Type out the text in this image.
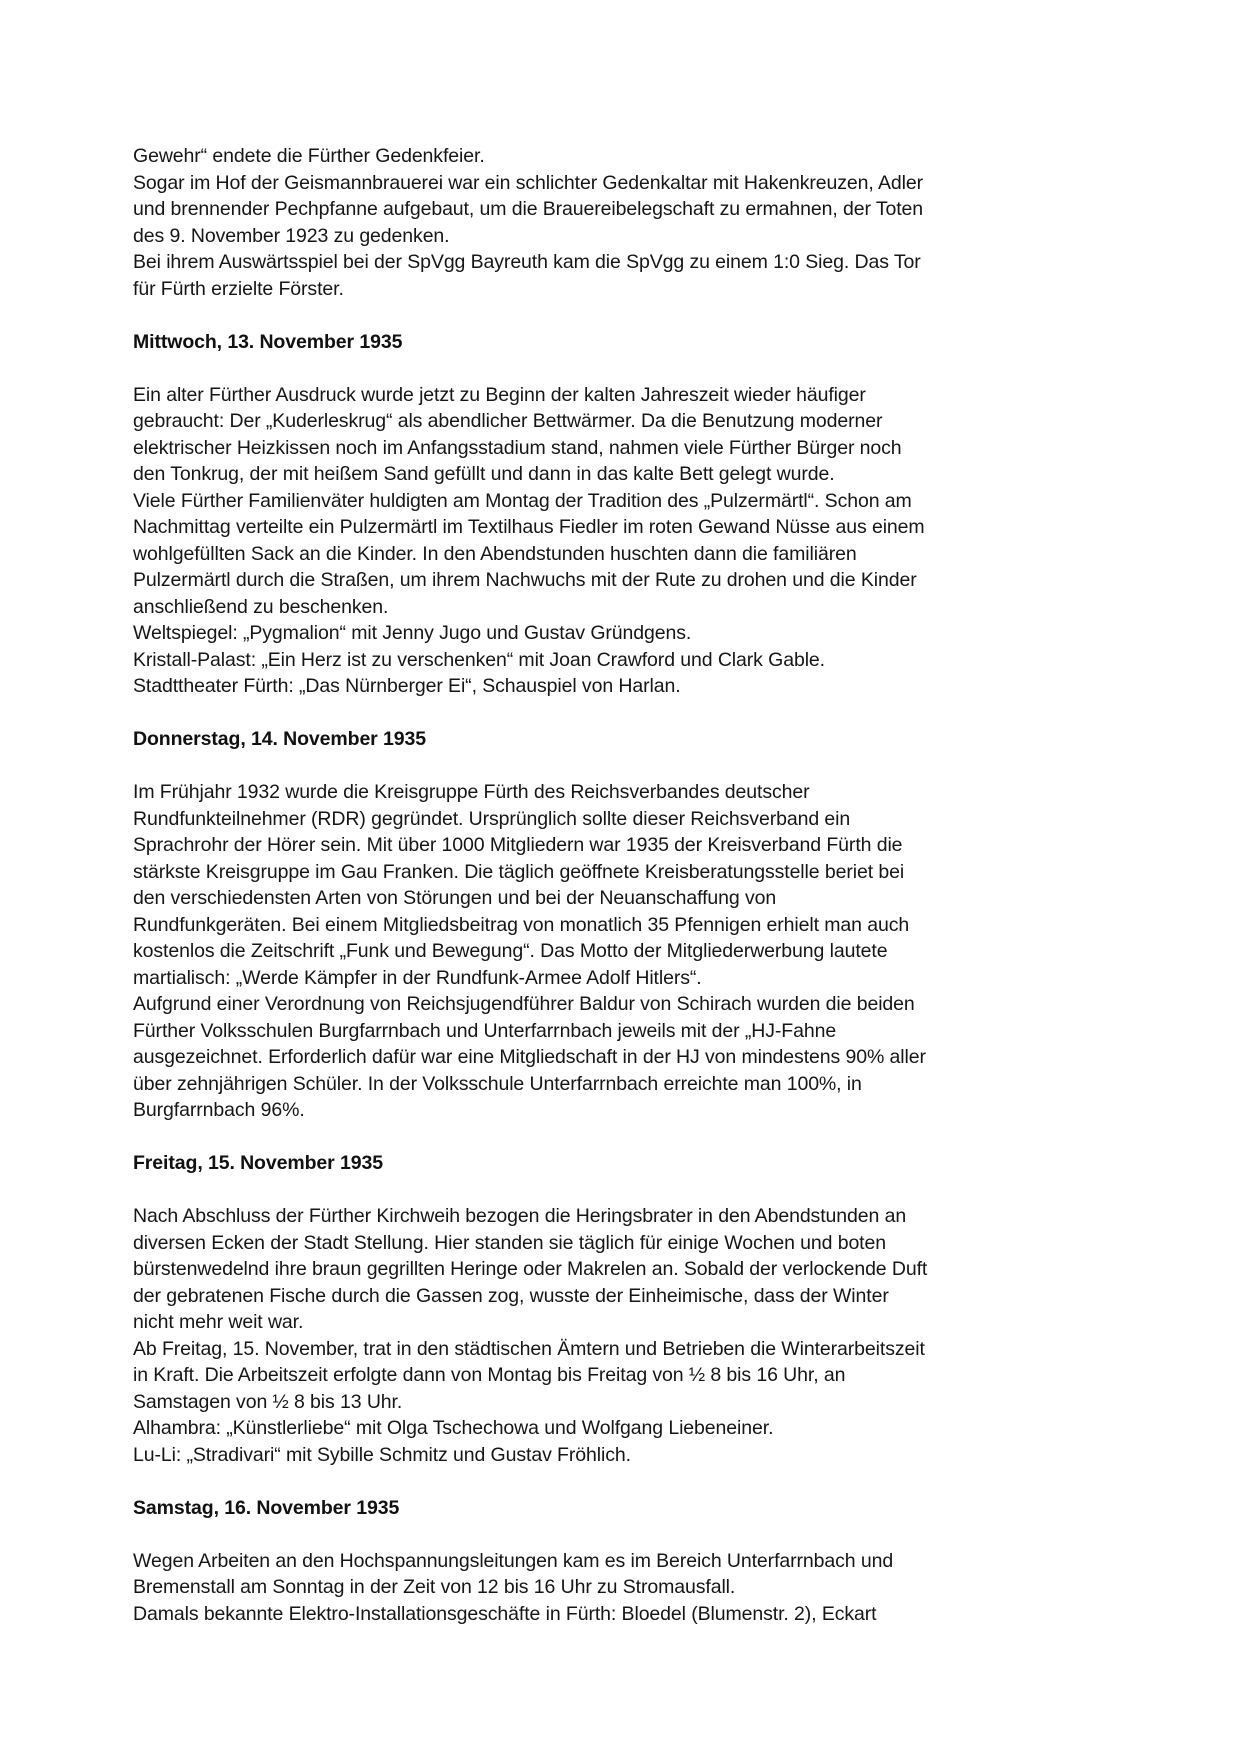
Gewehr“ endete die Fürther Gedenkfeier.
Sogar im Hof der Geismannbrauerei war ein schlichter Gedenkaltar mit Hakenkreuzen, Adler
und brennender Pechpfanne aufgebaut, um die Brauereibelegschaft zu ermahnen, der Toten
des 9. November 1923 zu gedenken.
Bei ihrem Auswärtsspiel bei der SpVgg Bayreuth kam die SpVgg zu einem 1:0 Sieg. Das Tor
für Fürth erzielte Förster.

Mittwoch, 13. November 1935

Ein alter Fürther Ausdruck wurde jetzt zu Beginn der kalten Jahreszeit wieder häufiger
gebraucht: Der „Kuderleskrug“ als abendlicher Bettwärmer. Da die Benutzung moderner
elektrischer Heizkissen noch im Anfangsstadium stand, nahmen viele Fürther Bürger noch
den Tonkrug, der mit heißem Sand gefüllt und dann in das kalte Bett gelegt wurde.
Viele Fürther Familienväter huldigten am Montag der Tradition des „Pulzermärtl“. Schon am
Nachmittag verteilte ein Pulzermärtl im Textilhaus Fiedler im roten Gewand Nüsse aus einem
wohlgefüllten Sack an die Kinder. In den Abendstunden huschten dann die familiären
Pulzermärtl durch die Straßen, um ihrem Nachwuchs mit der Rute zu drohen und die Kinder
anschließend zu beschenken.
Weltspiegel: „Pygmalion“ mit Jenny Jugo und Gustav Gründgens.
Kristall-Palast: „Ein Herz ist zu verschenken“ mit Joan Crawford und Clark Gable.
Stadttheater Fürth: „Das Nürnberger Ei“, Schauspiel von Harlan.

Donnerstag, 14. November 1935

Im Frühjahr 1932 wurde die Kreisgruppe Fürth des Reichsverbandes deutscher
Rundfunkteilnehmer (RDR) gegründet. Ursprünglich sollte dieser Reichsverband ein
Sprachrohr der Hörer sein. Mit über 1000 Mitgliedern war 1935 der Kreisverband Fürth die
stärkste Kreisgruppe im Gau Franken. Die täglich geöffnete Kreisberatungsstelle beriet bei
den verschiedensten Arten von Störungen und bei der Neuanschaffung von
Rundfunkgeräten. Bei einem Mitgliedsbeitrag von monatlich 35 Pfennigen erhielt man auch
kostenlos die Zeitschrift „Funk und Bewegung“. Das Motto der Mitgliederwerbung lautete
martialisch: „Werde Kämpfer in der Rundfunk-Armee Adolf Hitlers“.
Aufgrund einer Verordnung von Reichsjugendführer Baldur von Schirach wurden die beiden
Fürther Volksschulen Burgfarrnbach und Unterfarrnbach jeweils mit der „HJ-Fahne
ausgezeichnet. Erforderlich dafür war eine Mitgliedschaft in der HJ von mindestens 90% aller
über zehnjährigen Schüler. In der Volksschule Unterfarrnbach erreichte man 100%, in
Burgfarrnbach 96%.

Freitag, 15. November 1935

Nach Abschluss der Fürther Kirchweih bezogen die Heringsbrater in den Abendstunden an
diversen Ecken der Stadt Stellung. Hier standen sie täglich für einige Wochen und boten
bürstenwedelnd ihre braun gegrillten Heringe oder Makrelen an. Sobald der verlockende Duft
der gebratenen Fische durch die Gassen zog, wusste der Einheimische, dass der Winter
nicht mehr weit war.
Ab Freitag, 15. November, trat in den städtischen Ämtern und Betrieben die Winterarbeitszeit
in Kraft. Die Arbeitszeit erfolgte dann von Montag bis Freitag von ½ 8 bis 16 Uhr, an
Samstagen von ½ 8 bis 13 Uhr.
Alhambra: „Künstlerliebe“ mit Olga Tschechowa und Wolfgang Liebeneiner.
Lu-Li: „Stradivari“ mit Sybille Schmitz und Gustav Fröhlich.

Samstag, 16. November 1935

Wegen Arbeiten an den Hochspannungsleitungen kam es im Bereich Unterfarrnbach und
Bremenstall am Sonntag in der Zeit von 12 bis 16 Uhr zu Stromausfall.
Damals bekannte Elektro-Installationsgeschäfte in Fürth: Bloedel (Blumenstr. 2), Eckart
